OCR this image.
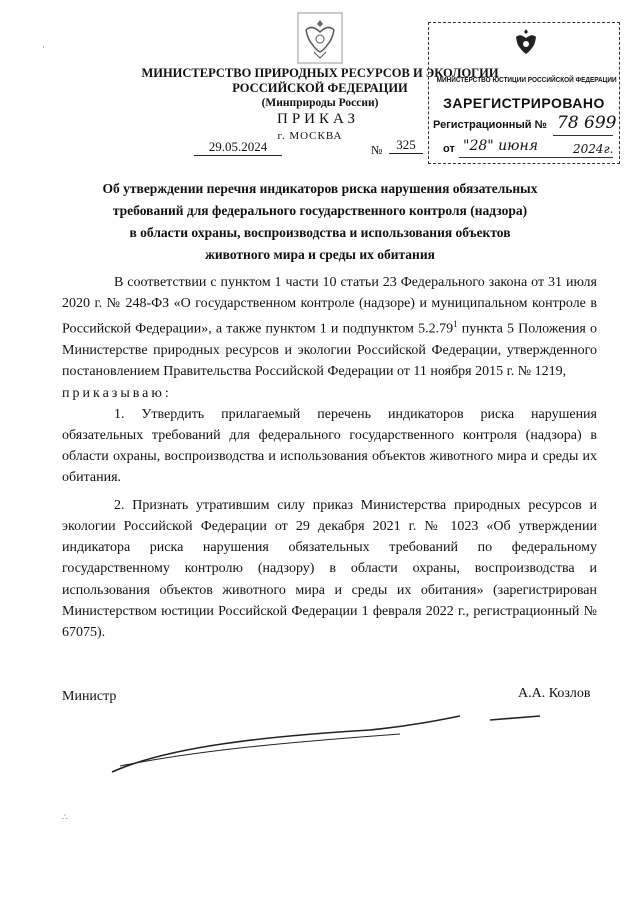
МИНИСТЕРСТВО ПРИРОДНЫХ РЕСУРСОВ И ЭКОЛОГИИ
РОССИЙСКОЙ ФЕДЕРАЦИИ
(Минприроды России)
ПРИКАЗ
г. МОСКВА
29.05.2024	№	325
МИНИСТЕРСТВО ЮСТИЦИИ РОССИЙСКОЙ ФЕДЕРАЦИИ
ЗАРЕГИСТРИРОВАНО
Регистрационный № 78 699
от "28" июня	2024г.
Об утверждении перечня индикаторов риска нарушения обязательных
требований для федерального государственного контроля (надзора)
в области охраны, воспроизводства и использования объектов
животного мира и среды их обитания

В соответствии с пунктом 1 части 10 статьи 23 Федерального закона от 31 июля 2020 г. № 248-ФЗ «О государственном контроле (надзоре) и муниципальном контроле в Российской Федерации», а также пунктом 1 и подпунктом 5.2.79$^1$ пункта 5 Положения о Министерстве природных ресурсов и экологии Российской Федерации, утвержденного постановлением Правительства Российской Федерации от 11 ноября 2015 г. № 1219,

приказываю:

1. Утвердить прилагаемый перечень индикаторов риска нарушения обязательных требований для федерального государственного контроля (надзора) в области охраны, воспроизводства и использования объектов животного мира и среды их обитания.

2. Признать утратившим силу приказ Министерства природных ресурсов и экологии Российской Федерации от 29 декабря 2021 г. № 1023 «Об утверждении индикатора риска нарушения обязательных требований по федеральному государственному контролю (надзору) в области охраны, воспроизводства и использования объектов животного мира и среды их обитания» (зарегистрирован Министерством юстиции Российской Федерации 1 февраля 2022 г., регистрационный № 67075).

Министр	А.А. Козлов
∴
·
